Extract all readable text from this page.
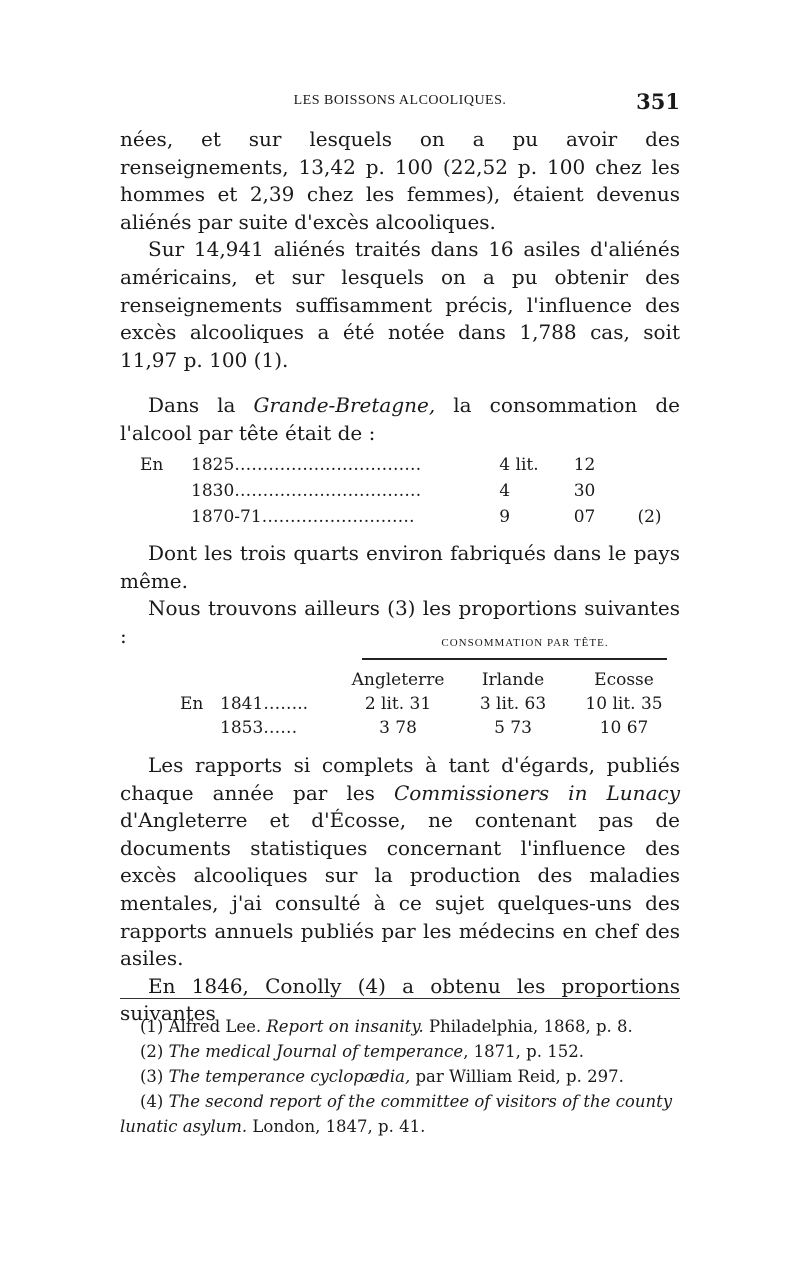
LES BOISSONS ALCOOLIQUES.	351

nées, et sur lesquels on a pu avoir des renseignements, 13,42 p. 100 (22,52 p. 100 chez les hommes et 2,39 chez les femmes), étaient devenus aliénés par suite d'excès alcooliques.

Sur 14,941 aliénés traités dans 16 asiles d'aliénés américains, et sur lesquels on a pu obtenir des renseignements suffisamment précis, l'influence des excès alcooliques a été notée dans 1,788 cas, soit 11,97 p. 100 (1).

Dans la Grande-Bretagne, la consommation de l'alcool par tête était de :

En	1825……………………………	4 lit.	12	
	1830……………………………	4	30	
	1870-71………………………	9	07	(2)

Dont les trois quarts environ fabriqués dans le pays même.

Nous trouvons ailleurs (3) les proportions suivantes :	CONSOMMATION PAR TÊTE.
		Angleterre	Irlande	Ecosse
En	1841……..	2 lit. 31	3 lit. 63	10 lit. 35
	1853……	3 78	5 73	10 67

Les rapports si complets à tant d'égards, publiés chaque année par les Commissioners in Lunacy d'Angleterre et d'Écosse, ne contenant pas de documents statistiques concernant l'influence des excès alcooliques sur la production des maladies mentales, j'ai consulté à ce sujet quelques-uns des rapports annuels publiés par les médecins en chef des asiles.

En 1846, Conolly (4) a obtenu les proportions suivantes

(1) Alfred Lee. Report on insanity. Philadelphia, 1868, p. 8.

(2) The medical Journal of temperance, 1871, p. 152.

(3) The temperance cyclopædia, par William Reid, p. 297.

(4) The second report of the committee of visitors of the county lunatic asylum. London, 1847, p. 41.
